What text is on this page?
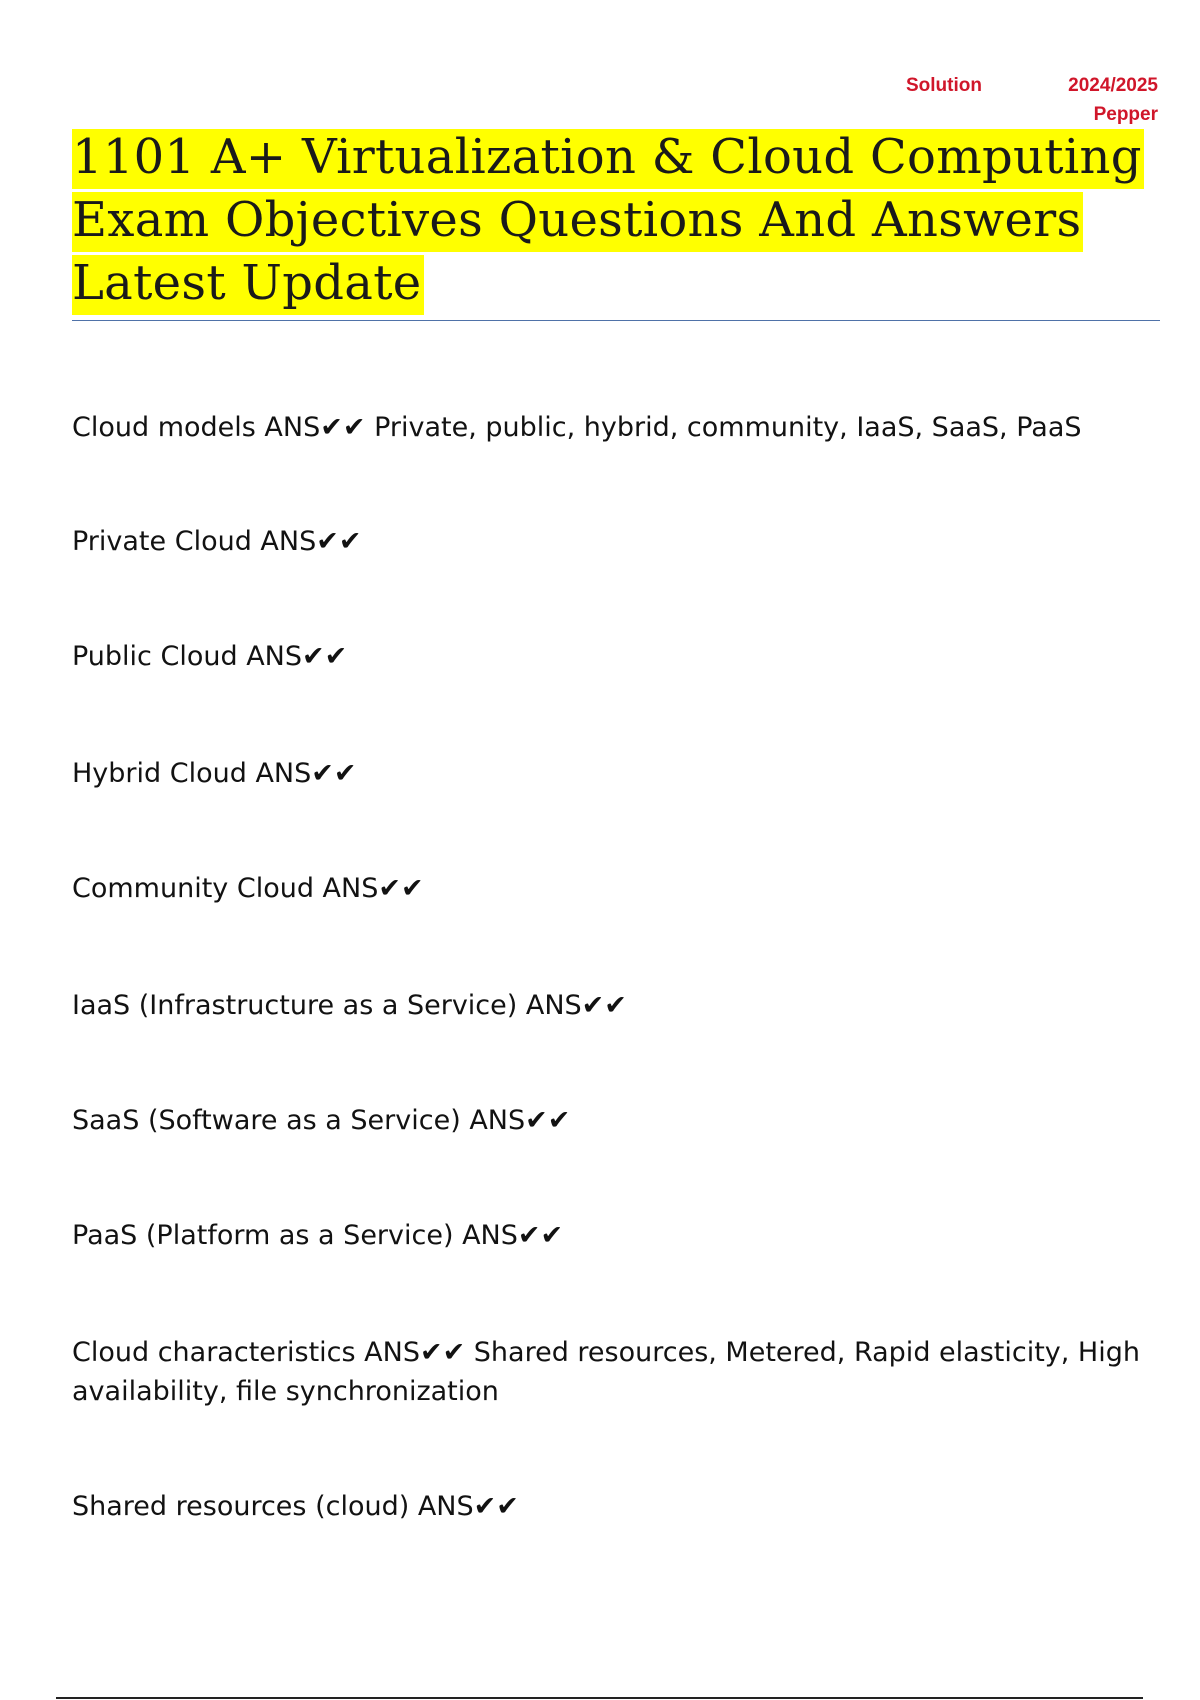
Solution	2024/2025
Pepper
1101 A+ Virtualization & Cloud Computing Exam Objectives Questions And Answers Latest Update
Cloud models ANS✔✔ Private, public, hybrid, community, IaaS, SaaS, PaaS
Private Cloud ANS✔✔
Public Cloud ANS✔✔
Hybrid Cloud ANS✔✔
Community Cloud ANS✔✔
IaaS (Infrastructure as a Service) ANS✔✔
SaaS (Software as a Service) ANS✔✔
PaaS (Platform as a Service) ANS✔✔
Cloud characteristics ANS✔✔ Shared resources, Metered, Rapid elasticity, High availability, file synchronization
Shared resources (cloud) ANS✔✔
